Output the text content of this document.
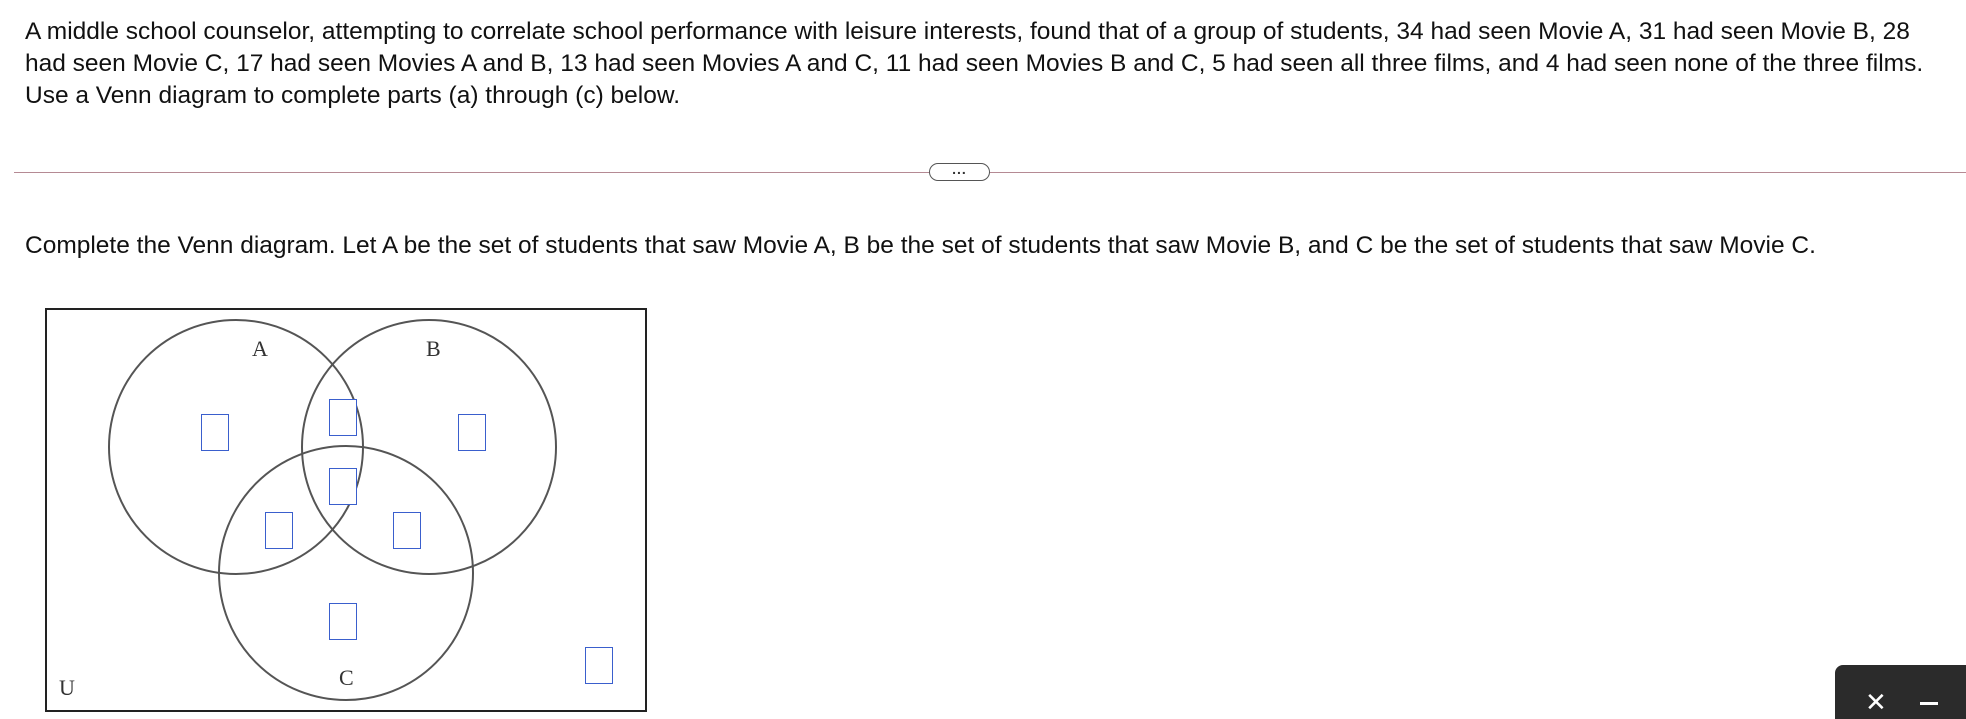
A middle school counselor, attempting to correlate school performance with leisure interests, found that of a group of students, 34 had seen Movie A, 31 had seen Movie B, 28 had seen Movie C, 17 had seen Movies A and B, 13 had seen Movies A and C, 11 had seen Movies B and C, 5 had seen all three films, and 4 had seen none of the three films. Use a Venn diagram to complete parts (a) through (c) below.
...
Complete the Venn diagram. Let A be the set of students that saw Movie A, B be the set of students that saw Movie B, and C be the set of students that saw Movie C.
A	B
C
U	✕
